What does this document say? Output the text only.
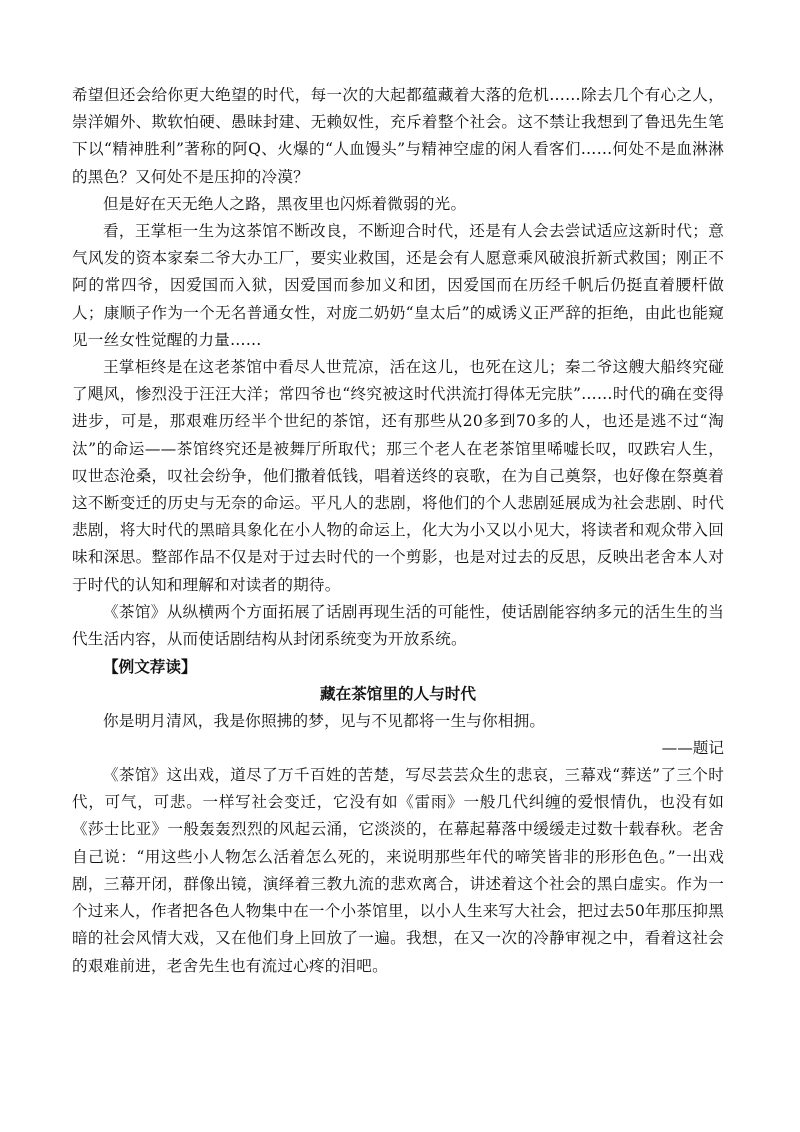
希望但还会给你更大绝望的时代，每一次的大起都蕴藏着大落的危机……除去几个有心之人，崇洋媚外、欺软怕硬、愚昧封建、无赖奴性，充斥着整个社会。这不禁让我想到了鲁迅先生笔下以“精神胜利”著称的阿Q、火爆的“人血馒头”与精神空虚的闲人看客们……何处不是血淋淋的黑色？又何处不是压抑的冷漠？

但是好在天无绝人之路，黑夜里也闪烁着微弱的光。

看，王掌柜一生为这茶馆不断改良，不断迎合时代，还是有人会去尝试适应这新时代；意气风发的资本家秦二爷大办工厂，要实业救国，还是会有人愿意乘风破浪折新式救国；刚正不阿的常四爷，因爱国而入狱，因爱国而参加义和团，因爱国而在历经千帆后仍挺直着腰杆做人；康顺子作为一个无名普通女性，对庞二奶奶“皇太后”的威诱义正严辞的拒绝，由此也能窥见一丝女性觉醒的力量……

王掌柜终是在这老茶馆中看尽人世荒凉，活在这儿，也死在这儿；秦二爷这艘大船终究碰了飓风，惨烈没于汪汪大洋；常四爷也“终究被这时代洪流打得体无完肤”……时代的确在变得进步，可是，那艰难历经半个世纪的茶馆，还有那些从20多到70多的人，也还是逃不过“淘汰”的命运——茶馆终究还是被舞厅所取代；那三个老人在老茶馆里唏嘘长叹，叹跌宕人生，叹世态沧桑，叹社会纷争，他们撒着低钱，唱着送终的哀歌，在为自己奠祭，也好像在祭奠着这不断变迁的历史与无奈的命运。平凡人的悲剧，将他们的个人悲剧延展成为社会悲剧、时代悲剧，将大时代的黑暗具象化在小人物的命运上，化大为小又以小见大，将读者和观众带入回味和深思。整部作品不仅是对于过去时代的一个剪影，也是对过去的反思，反映出老舍本人对于时代的认知和理解和对读者的期待。

《茶馆》从纵横两个方面拓展了话剧再现生活的可能性，使话剧能容纳多元的活生生的当代生活内容，从而使话剧结构从封闭系统变为开放系统。

【例文荐读】

藏在茶馆里的人与时代

你是明月清风，我是你照拂的梦，见与不见都将一生与你相拥。

——题记

《茶馆》这出戏，道尽了万千百姓的苦楚，写尽芸芸众生的悲哀，三幕戏“葬送”了三个时代，可气，可悲。一样写社会变迁，它没有如《雷雨》一般几代纠缠的爱恨情仇，也没有如《莎士比亚》一般轰轰烈烈的风起云涌，它淡淡的，在幕起幕落中缓缓走过数十载春秋。老舍自己说：“用这些小人物怎么活着怎么死的，来说明那些年代的啼笑皆非的形形色色。”一出戏剧，三幕开闭，群像出镜，演绎着三教九流的悲欢离合，讲述着这个社会的黑白虚实。作为一个过来人，作者把各色人物集中在一个小茶馆里，以小人生来写大社会，把过去50年那压抑黑暗的社会风情大戏，又在他们身上回放了一遍。我想，在又一次的冷静审视之中，看着这社会的艰难前进，老舍先生也有流过心疼的泪吧。
